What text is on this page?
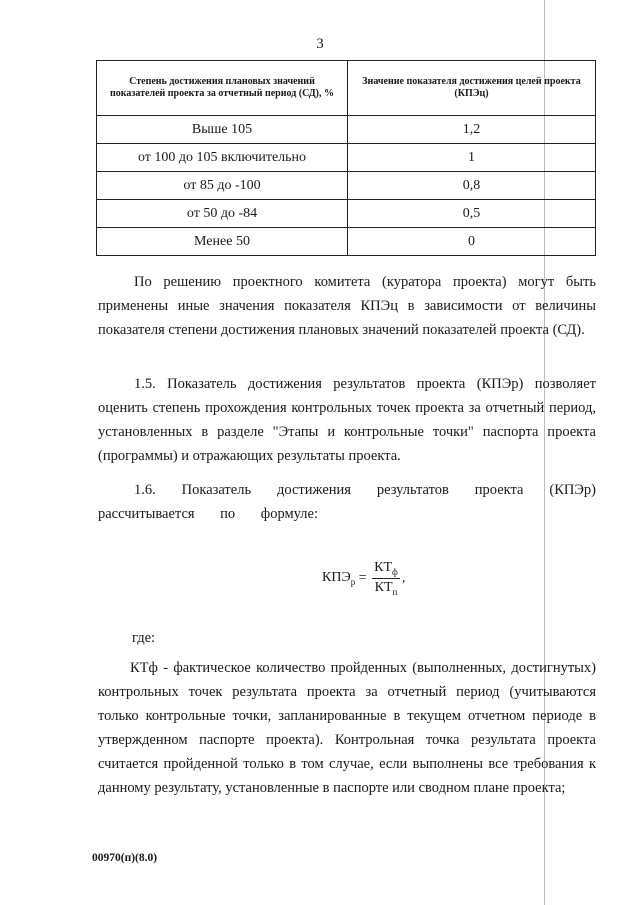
3
Степень достижения плановых значений показателей проекта за отчетный период (СД), %	Значение показателя достижения целей проекта (КПЭц)
Выше 105	1,2
от 100 до 105 включительно	1
от 85 до -100	0,8
от 50 до -84	0,5
Менее 50	0

По решению проектного комитета (куратора проекта) могут быть применены иные значения показателя КПЭц в зависимости от величины показателя степени достижения плановых значений показателей проекта (СД).

1.5. Показатель достижения результатов проекта (КПЭр) позволяет оценить степень прохождения контрольных точек проекта за отчетный период, установленных в разделе "Этапы и контрольные точки" паспорта проекта (программы) и отражающих результаты проекта.

1.6. Показатель достижения результатов проекта (КПЭр) рассчитывается по формуле:

$КПЭ_р = \frac{КТ_ф}{КТ_п}$ ,

где:

КТф - фактическое количество пройденных (выполненных, достигнутых) контрольных точек результата проекта за отчетный период (учитываются только контрольные точки, запланированные в текущем отчетном периоде в утвержденном паспорте проекта). Контрольная точка результата проекта считается пройденной только в том случае, если выполнены все требования к данному результату, установленные в паспорте или сводном плане проекта;

00970(п)(8.0)
